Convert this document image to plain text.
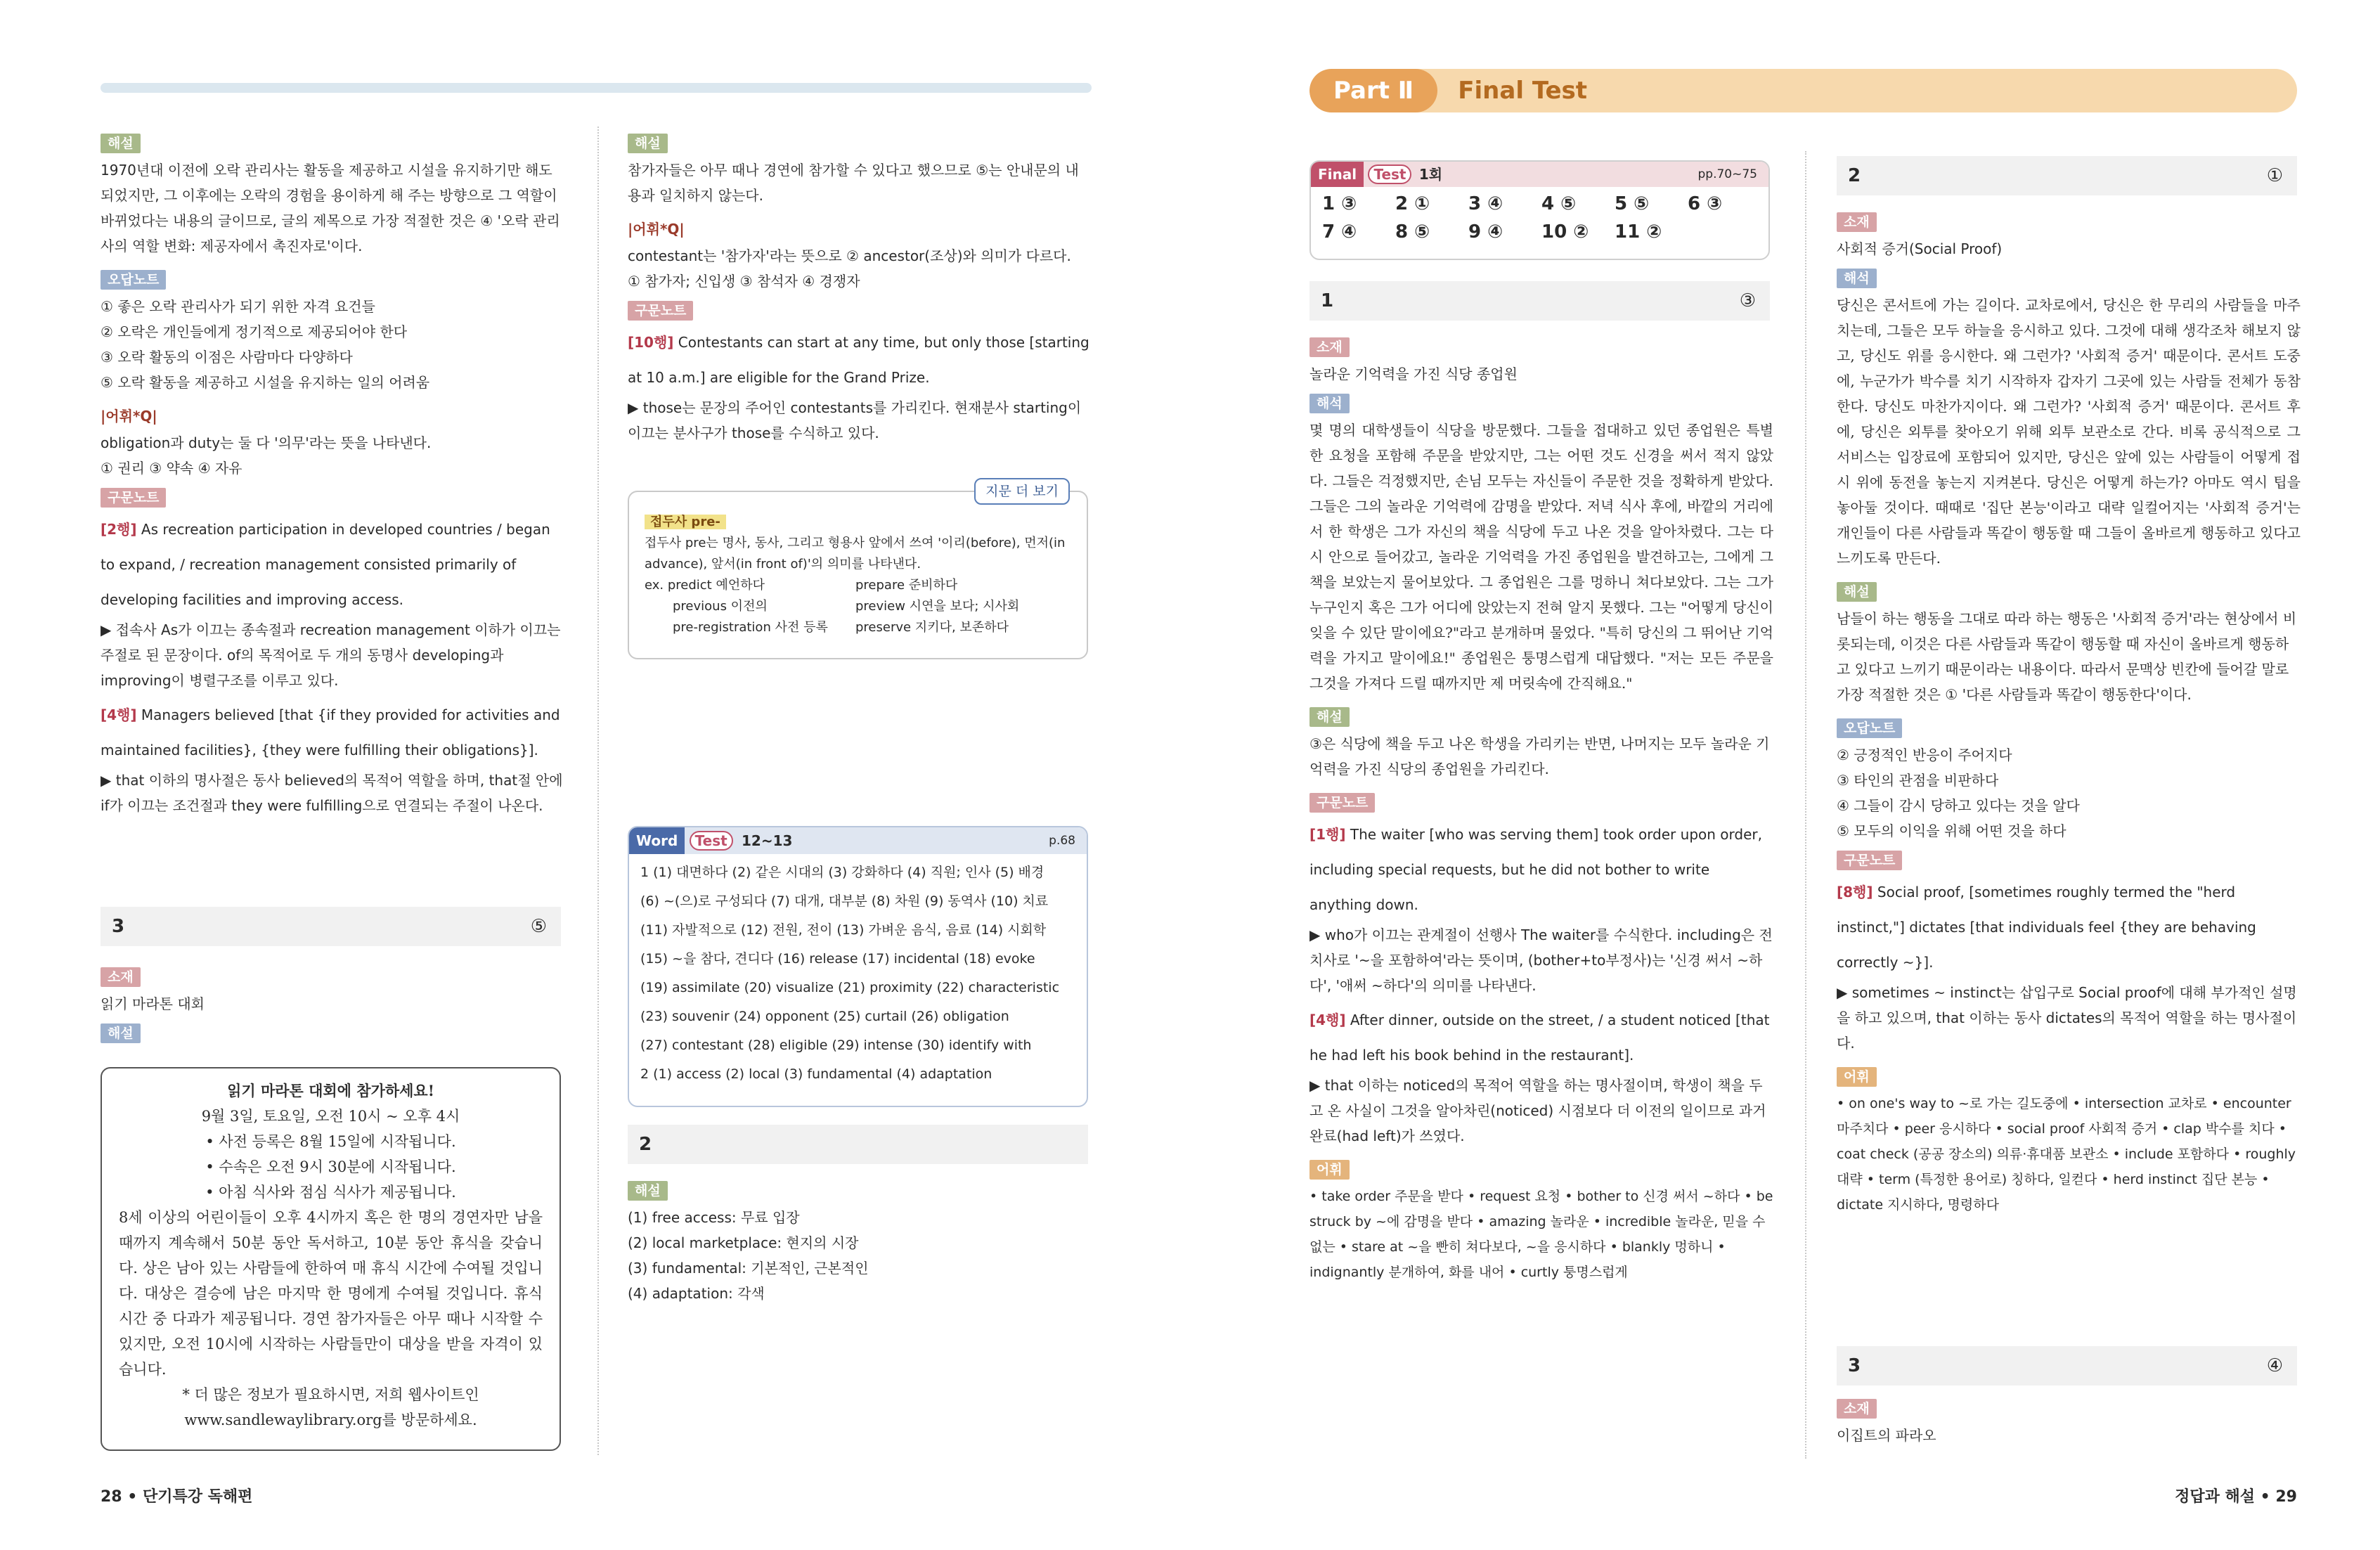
해설

1970년대 이전에 오락 관리사는 활동을 제공하고 시설을 유지하기만 해도 되었지만, 그 이후에는 오락의 경험을 용이하게 해 주는 방향으로 그 역할이 바뀌었다는 내용의 글이므로, 글의 제목으로 가장 적절한 것은 ④ '오락 관리사의 역할 변화: 제공자에서 촉진자로'이다.

오답노트
① 좋은 오락 관리사가 되기 위한 자격 요건들
② 오락은 개인들에게 정기적으로 제공되어야 한다
③ 오락 활동의 이점은 사람마다 다양하다
⑤ 오락 활동을 제공하고 시설을 유지하는 일의 어려움
|어휘*Q|
obligation과 duty는 둘 다 '의무'라는 뜻을 나타낸다.
① 권리 ③ 약속 ④ 자유
구문노트
[2행] As recreation participation in developed countries / began to expand, / recreation management consisted primarily of developing facilities and improving access.

▶ 접속사 As가 이끄는 종속절과 recreation management 이하가 이끄는 주절로 된 문장이다. of의 목적어로 두 개의 동명사 developing과 improving이 병렬구조를 이루고 있다.

[4행] Managers believed [that {if they provided for activities and maintained facilities}, {they were fulfilling their obligations}].

▶ that 이하의 명사절은 동사 believed의 목적어 역할을 하며, that절 안에 if가 이끄는 조건절과 they were fulfilling으로 연결되는 주절이 나온다.

3	⑤
소재
읽기 마라톤 대회
해설
읽기 마라톤 대회에 참가하세요!
9월 3일, 토요일, 오전 10시 ~ 오후 4시
• 사전 등록은 8월 15일에 시작됩니다.
• 수속은 오전 9시 30분에 시작됩니다.
• 아침 식사와 점심 식사가 제공됩니다.
8세 이상의 어린이들이 오후 4시까지 혹은 한 명의 경연자만 남을 때까지 계속해서 50분 동안 독서하고, 10분 동안 휴식을 갖습니다. 상은 남아 있는 사람들에 한하여 매 휴식 시간에 수여될 것입니다. 대상은 결승에 남은 마지막 한 명에게 수여될 것입니다. 휴식 시간 중 다과가 제공됩니다. 경연 참가자들은 아무 때나 시작할 수 있지만, 오전 10시에 시작하는 사람들만이 대상을 받을 자격이 있습니다.
* 더 많은 정보가 필요하시면, 저희 웹사이트인
www.sandlewaylibrary.org를 방문하세요.
해설

참가자들은 아무 때나 경연에 참가할 수 있다고 했으므로 ⑤는 안내문의 내용과 일치하지 않는다.

|어휘*Q|
contestant는 '참가자'라는 뜻으로 ② ancestor(조상)와 의미가 다르다.
① 참가자; 신입생 ③ 참석자 ④ 경쟁자
구문노트
[10행] Contestants can start at any time, but only those [starting at 10 a.m.] are eligible for the Grand Prize.

▶ those는 문장의 주어인 contestants를 가리킨다. 현재분사 starting이 이끄는 분사구가 those를 수식하고 있다.

지문 더 보기
접두사 pre-
접두사 pre는 명사, 동사, 그리고 형용사 앞에서 쓰여 '이리(before), 먼저(in advance), 앞서(in front of)'의 의미를 나타낸다.
ex. predict 예언하다	prepare 준비하다
previous 이전의	preview 시연을 보다; 시사회
pre-registration 사전 등록	preserve 지키다, 보존하다
Word Test 12~13	p.68
1 (1) 대면하다 (2) 같은 시대의 (3) 강화하다 (4) 직원; 인사 (5) 배경
(6) ~(으)로 구성되다 (7) 대개, 대부분 (8) 차원 (9) 동역사 (10) 치료
(11) 자발적으로 (12) 전원, 전이 (13) 가벼운 음식, 음료 (14) 시회학
(15) ~을 참다, 견디다 (16) release (17) incidental (18) evoke
(19) assimilate (20) visualize (21) proximity (22) characteristic
(23) souvenir (24) opponent (25) curtail (26) obligation
(27) contestant (28) eligible (29) intense (30) identify with
2 (1) access (2) local (3) fundamental (4) adaptation
2
해설
(1) free access: 무료 입장
(2) local marketplace: 현지의 시장
(3) fundamental: 기본적인, 근본적인
(4) adaptation: 각색
28 • 단기특강 독해편
Part Ⅱ Final Test
Final Test 1회	pp.70~75
1 ③	2 ①	3 ④	4 ⑤	5 ⑤	6 ③
7 ④	8 ⑤	9 ④	10 ②	11 ②
1	③
소재
놀라운 기억력을 가진 식당 종업원
해석

몇 명의 대학생들이 식당을 방문했다. 그들을 접대하고 있던 종업원은 특별한 요청을 포함해 주문을 받았지만, 그는 어떤 것도 신경을 써서 적지 않았다. 그들은 걱정했지만, 손님 모두는 자신들이 주문한 것을 정확하게 받았다. 그들은 그의 놀라운 기억력에 감명을 받았다. 저녁 식사 후에, 바깥의 거리에서 한 학생은 그가 자신의 책을 식당에 두고 나온 것을 알아차렸다. 그는 다시 안으로 들어갔고, 놀라운 기억력을 가진 종업원을 발견하고는, 그에게 그 책을 보았는지 물어보았다. 그 종업원은 그를 멍하니 쳐다보았다. 그는 그가 누구인지 혹은 그가 어디에 앉았는지 전혀 알지 못했다. 그는 "어떻게 당신이 잊을 수 있단 말이에요?"라고 분개하며 물었다. "특히 당신의 그 뛰어난 기억력을 가지고 말이에요!" 종업원은 퉁명스럽게 대답했다. "저는 모든 주문을 그것을 가져다 드릴 때까지만 제 머릿속에 간직해요."

해설

③은 식당에 책을 두고 나온 학생을 가리키는 반면, 나머지는 모두 놀라운 기억력을 가진 식당의 종업원을 가리킨다.

구문노트
[1행] The waiter [who was serving them] took order upon order, including special requests, but he did not bother to write anything down.

▶ who가 이끄는 관계절이 선행사 The waiter를 수식한다. including은 전치사로 '~을 포함하여'라는 뜻이며, (bother+to부정사)는 '신경 써서 ~하다', '애써 ~하다'의 의미를 나타낸다.

[4행] After dinner, outside on the street, / a student noticed [that he had left his book behind in the restaurant].

▶ that 이하는 noticed의 목적어 역할을 하는 명사절이며, 학생이 책을 두고 온 사실이 그것을 알아차린(noticed) 시점보다 더 이전의 일이므로 과거완료(had left)가 쓰였다.

어휘

• take order 주문을 받다 • request 요청 • bother to 신경 써서 ~하다 • be struck by ~에 감명을 받다 • amazing 놀라운 • incredible 놀라운, 믿을 수 없는 • stare at ~을 빤히 쳐다보다, ~을 응시하다 • blankly 멍하니 • indignantly 분개하여, 화를 내어 • curtly 퉁명스럽게

2	①
소재
사회적 증거(Social Proof)
해석

당신은 콘서트에 가는 길이다. 교차로에서, 당신은 한 무리의 사람들을 마주치는데, 그들은 모두 하늘을 응시하고 있다. 그것에 대해 생각조차 해보지 않고, 당신도 위를 응시한다. 왜 그런가? '사회적 증거' 때문이다. 콘서트 도중에, 누군가가 박수를 치기 시작하자 갑자기 그곳에 있는 사람들 전체가 동참한다. 당신도 마찬가지이다. 왜 그런가? '사회적 증거' 때문이다. 콘서트 후에, 당신은 외투를 찾아오기 위해 외투 보관소로 간다. 비록 공식적으로 그 서비스는 입장료에 포함되어 있지만, 당신은 앞에 있는 사람들이 어떻게 접시 위에 동전을 놓는지 지켜본다. 당신은 어떻게 하는가? 아마도 역시 팁을 놓아둘 것이다. 때때로 '집단 본능'이라고 대략 일컬어지는 '사회적 증거'는 개인들이 다른 사람들과 똑같이 행동할 때 그들이 올바르게 행동하고 있다고 느끼도록 만든다.

해설

남들이 하는 행동을 그대로 따라 하는 행동은 '사회적 증거'라는 현상에서 비롯되는데, 이것은 다른 사람들과 똑같이 행동할 때 자신이 올바르게 행동하고 있다고 느끼기 때문이라는 내용이다. 따라서 문맥상 빈칸에 들어갈 말로 가장 적절한 것은 ① '다른 사람들과 똑같이 행동한다'이다.

오답노트
② 긍정적인 반응이 주어지다
③ 타인의 관점을 비판하다
④ 그들이 감시 당하고 있다는 것을 알다
⑤ 모두의 이익을 위해 어떤 것을 하다
구문노트
[8행] Social proof, [sometimes roughly termed the "herd instinct,"] dictates [that individuals feel {they are behaving correctly ~}].

▶ sometimes ~ instinct는 삽입구로 Social proof에 대해 부가적인 설명을 하고 있으며, that 이하는 동사 dictates의 목적어 역할을 하는 명사절이다.

어휘

• on one's way to ~로 가는 길도중에 • intersection 교차로 • encounter 마주치다 • peer 응시하다 • social proof 사회적 증거 • clap 박수를 치다 • coat check (공공 장소의) 의류·휴대품 보관소 • include 포함하다 • roughly 대략 • term (특정한 용어로) 칭하다, 일컫다 • herd instinct 집단 본능 • dictate 지시하다, 명령하다

3	④
소재
이집트의 파라오
정답과 해설 • 29
